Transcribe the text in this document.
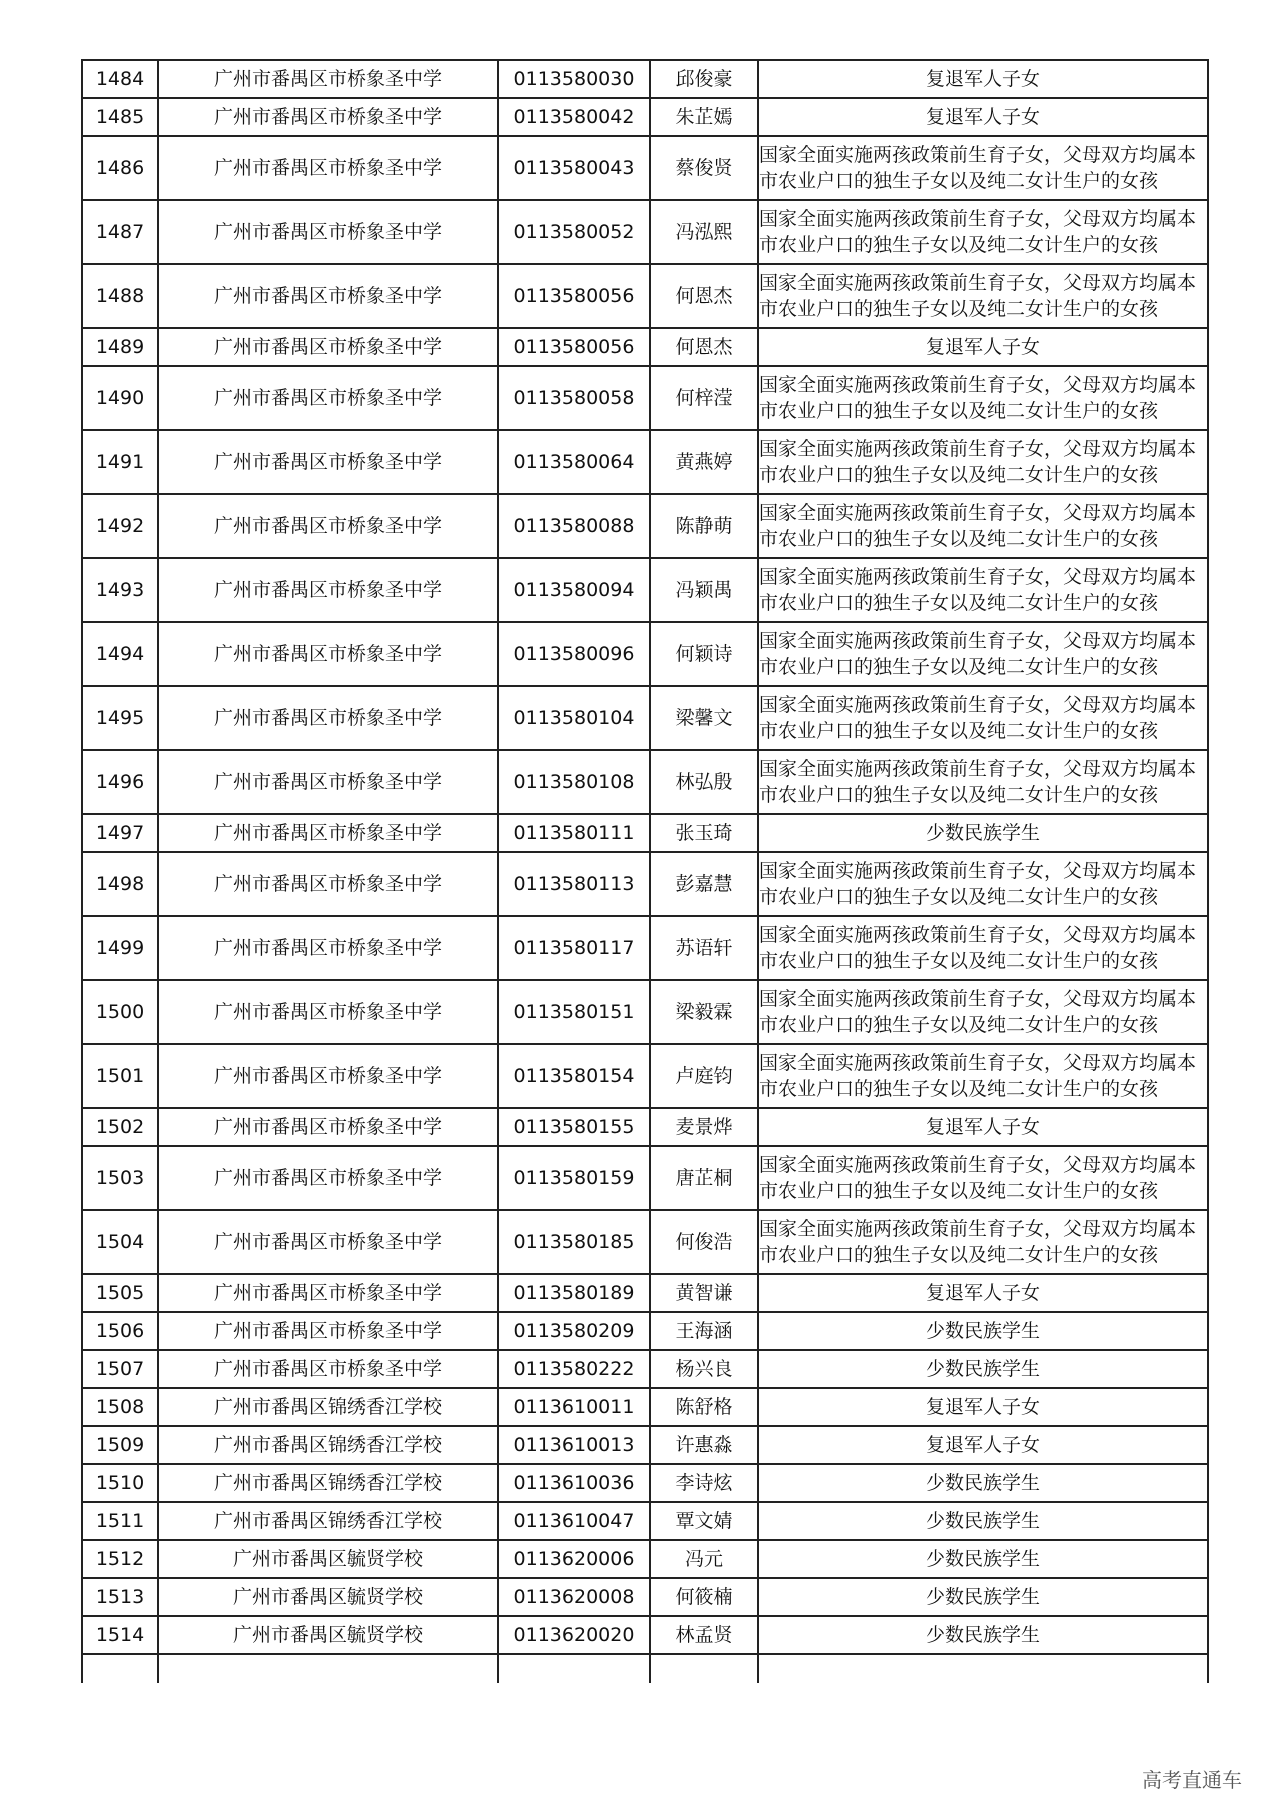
1484	广州市番禺区市桥象圣中学	0113580030	邱俊豪	复退军人子女
1485	广州市番禺区市桥象圣中学	0113580042	朱芷嫣	复退军人子女
1486	广州市番禺区市桥象圣中学	0113580043	蔡俊贤	国家全面实施两孩政策前生育子女，父母双方均属本市农业户口的独生子女以及纯二女计生户的女孩
1487	广州市番禺区市桥象圣中学	0113580052	冯泓熙	国家全面实施两孩政策前生育子女，父母双方均属本市农业户口的独生子女以及纯二女计生户的女孩
1488	广州市番禺区市桥象圣中学	0113580056	何恩杰	国家全面实施两孩政策前生育子女，父母双方均属本市农业户口的独生子女以及纯二女计生户的女孩
1489	广州市番禺区市桥象圣中学	0113580056	何恩杰	复退军人子女
1490	广州市番禺区市桥象圣中学	0113580058	何梓滢	国家全面实施两孩政策前生育子女，父母双方均属本市农业户口的独生子女以及纯二女计生户的女孩
1491	广州市番禺区市桥象圣中学	0113580064	黄燕婷	国家全面实施两孩政策前生育子女，父母双方均属本市农业户口的独生子女以及纯二女计生户的女孩
1492	广州市番禺区市桥象圣中学	0113580088	陈静萌	国家全面实施两孩政策前生育子女，父母双方均属本市农业户口的独生子女以及纯二女计生户的女孩
1493	广州市番禺区市桥象圣中学	0113580094	冯颖禺	国家全面实施两孩政策前生育子女，父母双方均属本市农业户口的独生子女以及纯二女计生户的女孩
1494	广州市番禺区市桥象圣中学	0113580096	何颖诗	国家全面实施两孩政策前生育子女，父母双方均属本市农业户口的独生子女以及纯二女计生户的女孩
1495	广州市番禺区市桥象圣中学	0113580104	梁馨文	国家全面实施两孩政策前生育子女，父母双方均属本市农业户口的独生子女以及纯二女计生户的女孩
1496	广州市番禺区市桥象圣中学	0113580108	林弘殷	国家全面实施两孩政策前生育子女，父母双方均属本市农业户口的独生子女以及纯二女计生户的女孩
1497	广州市番禺区市桥象圣中学	0113580111	张玉琦	少数民族学生
1498	广州市番禺区市桥象圣中学	0113580113	彭嘉慧	国家全面实施两孩政策前生育子女，父母双方均属本市农业户口的独生子女以及纯二女计生户的女孩
1499	广州市番禺区市桥象圣中学	0113580117	苏语轩	国家全面实施两孩政策前生育子女，父母双方均属本市农业户口的独生子女以及纯二女计生户的女孩
1500	广州市番禺区市桥象圣中学	0113580151	梁毅霖	国家全面实施两孩政策前生育子女，父母双方均属本市农业户口的独生子女以及纯二女计生户的女孩
1501	广州市番禺区市桥象圣中学	0113580154	卢庭钧	国家全面实施两孩政策前生育子女，父母双方均属本市农业户口的独生子女以及纯二女计生户的女孩
1502	广州市番禺区市桥象圣中学	0113580155	麦景烨	复退军人子女
1503	广州市番禺区市桥象圣中学	0113580159	唐芷桐	国家全面实施两孩政策前生育子女，父母双方均属本市农业户口的独生子女以及纯二女计生户的女孩
1504	广州市番禺区市桥象圣中学	0113580185	何俊浩	国家全面实施两孩政策前生育子女，父母双方均属本市农业户口的独生子女以及纯二女计生户的女孩
1505	广州市番禺区市桥象圣中学	0113580189	黄智谦	复退军人子女
1506	广州市番禺区市桥象圣中学	0113580209	王海涵	少数民族学生
1507	广州市番禺区市桥象圣中学	0113580222	杨兴良	少数民族学生
1508	广州市番禺区锦绣香江学校	0113610011	陈舒格	复退军人子女
1509	广州市番禺区锦绣香江学校	0113610013	许惠淼	复退军人子女
1510	广州市番禺区锦绣香江学校	0113610036	李诗炫	少数民族学生
1511	广州市番禺区锦绣香江学校	0113610047	覃文婧	少数民族学生
1512	广州市番禺区毓贤学校	0113620006	冯元	少数民族学生
1513	广州市番禺区毓贤学校	0113620008	何筱楠	少数民族学生
1514	广州市番禺区毓贤学校	0113620020	林孟贤	少数民族学生

高考直通车
